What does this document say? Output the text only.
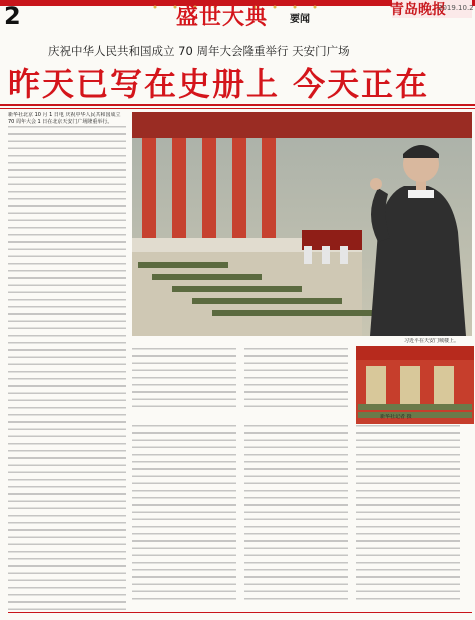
2	盛世大典 要闻
青岛晚报
2019.10.2
庆祝中华人民共和国成立 70 周年大会隆重举行 天安门广场
昨天已写在史册上 今天正在
新华社北京 10 月 1 日电 庆祝中华人民共和国成立 70 周年大会 1 日在北京天安门广场隆重举行。
习近平在天安门城楼上。
新华社记者 摄
